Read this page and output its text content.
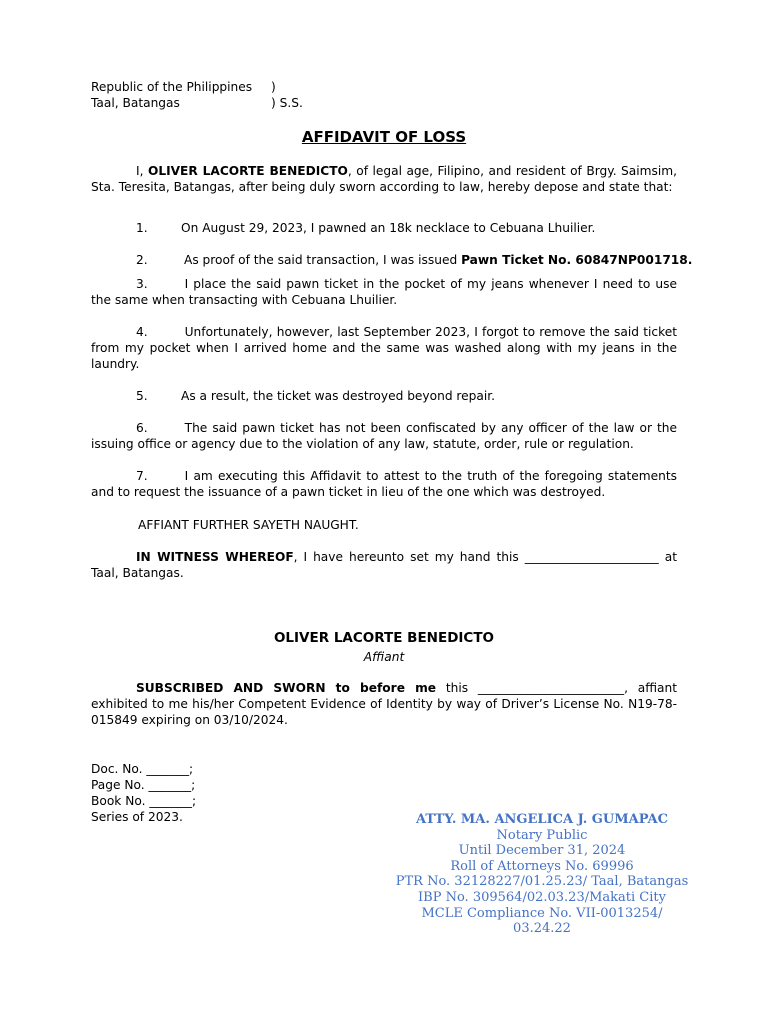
Republic of the Philippines )
Taal, Batangas	) S.S.
AFFIDAVIT OF LOSS
I, OLIVER LACORTE BENEDICTO, of legal age, Filipino, and resident of Brgy. Saimsim, Sta. Teresita, Batangas, after being duly sworn according to law, hereby depose and state that:
1.	On August 29, 2023, I pawned an 18k necklace to Cebuana Lhuilier.
2.	As proof of the said transaction, I was issued Pawn Ticket No. 60847NP001718.
3.	I place the said pawn ticket in the pocket of my jeans whenever I need to use the same when transacting with Cebuana Lhuilier.
4.	Unfortunately, however, last September 2023, I forgot to remove the said ticket from my pocket when I arrived home and the same was washed along with my jeans in the laundry.
5.	As a result, the ticket was destroyed beyond repair.
6.	The said pawn ticket has not been confiscated by any officer of the law or the issuing office or agency due to the violation of any law, statute, order, rule or regulation.
7.	I am executing this Affidavit to attest to the truth of the foregoing statements and to request the issuance of a pawn ticket in lieu of the one which was destroyed.
AFFIANT FURTHER SAYETH NAUGHT.
IN WITNESS WHEREOF, I have hereunto set my hand this ______________________ at Taal, Batangas.
OLIVER LACORTE BENEDICTO
Affiant
SUBSCRIBED AND SWORN to before me this ________________________, affiant exhibited to me his/her Competent Evidence of Identity by way of Driver’s License No. N19-78-015849 expiring on 03/10/2024.
Doc. No. _______;
Page No. _______;
Book No. _______;
Series of 2023.	ATTY. MA. ANGELICA J. GUMAPAC
Notary Public
Until December 31, 2024
Roll of Attorneys No. 69996
PTR No. 32128227/01.25.23/ Taal, Batangas
IBP No. 309564/02.03.23/Makati City
MCLE Compliance No. VII-0013254/ 03.24.22
